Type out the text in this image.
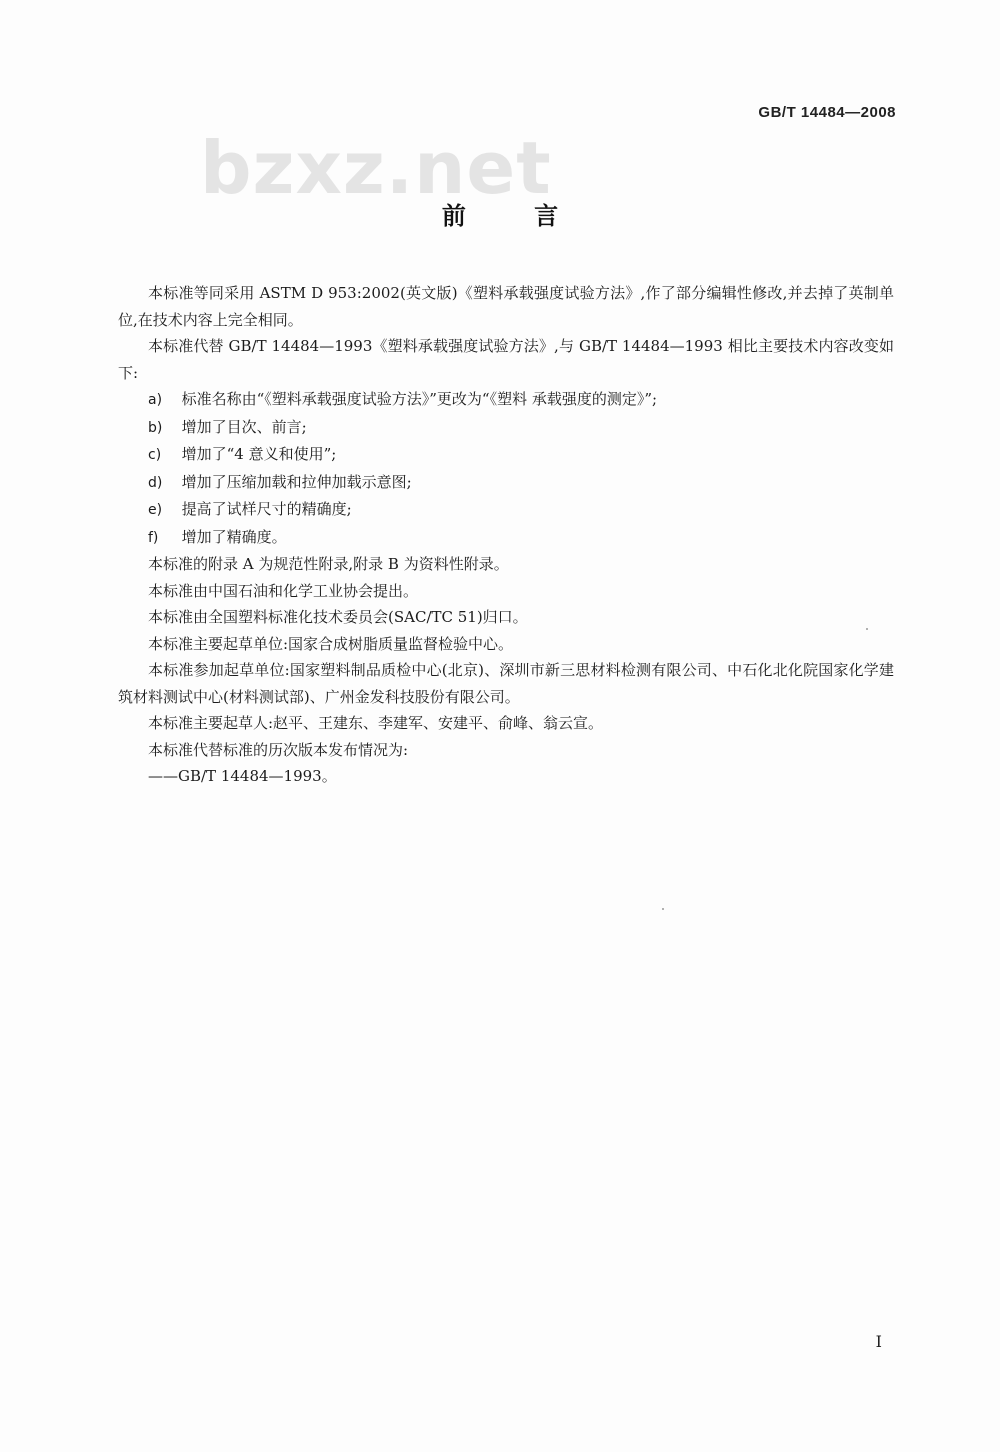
GB/T 14484—2008
bzxz.net
前 言

本标准等同采用 ASTM D 953:2002(英文版)《塑料承载强度试验方法》,作了部分编辑性修改,并去掉了英制单位,在技术内容上完全相同。

本标准代替 GB/T 14484—1993《塑料承载强度试验方法》,与 GB/T 14484—1993 相比主要技术内容改变如下:

a) 标准名称由“《塑料承载强度试验方法》”更改为“《塑料 承载强度的测定》”;

b) 增加了目次、前言;

c) 增加了“4 意义和使用”;

d) 增加了压缩加载和拉伸加载示意图;

e) 提高了试样尺寸的精确度;

f) 增加了精确度。

本标准的附录 A 为规范性附录,附录 B 为资料性附录。

本标准由中国石油和化学工业协会提出。

本标准由全国塑料标准化技术委员会(SAC/TC 51)归口。

本标准主要起草单位:国家合成树脂质量监督检验中心。

本标准参加起草单位:国家塑料制品质检中心(北京)、深圳市新三思材料检测有限公司、中石化北化院国家化学建筑材料测试中心(材料测试部)、广州金发科技股份有限公司。

本标准主要起草人:赵平、王建东、李建军、安建平、俞峰、翁云宣。

本标准代替标准的历次版本发布情况为:

——GB/T 14484—1993。

I
